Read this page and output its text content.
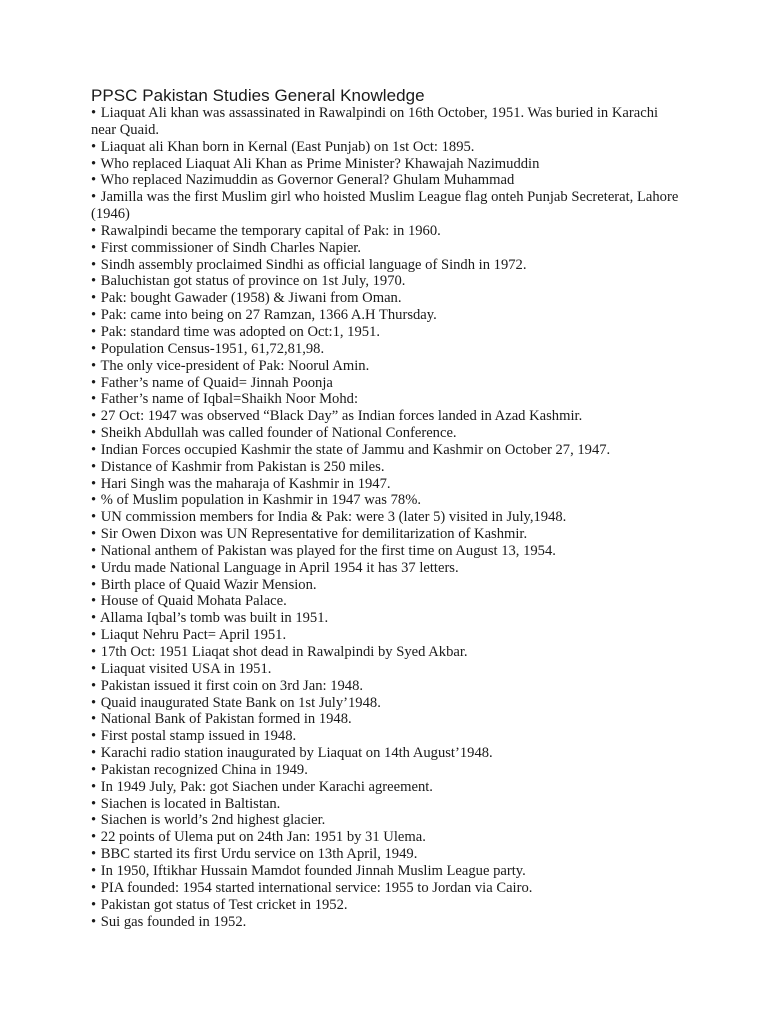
PPSC Pakistan Studies General Knowledge
• Liaquat Ali khan was assassinated in Rawalpindi on 16th October, 1951. Was buried in Karachi near Quaid.
• Liaquat ali Khan born in Kernal (East Punjab) on 1st Oct: 1895.
• Who replaced Liaquat Ali Khan as Prime Minister? Khawajah Nazimuddin
• Who replaced Nazimuddin as Governor General? Ghulam Muhammad
• Jamilla was the first Muslim girl who hoisted Muslim League flag onteh Punjab Secreterat, Lahore (1946)
• Rawalpindi became the temporary capital of Pak: in 1960.
• First commissioner of Sindh Charles Napier.
• Sindh assembly proclaimed Sindhi as official language of Sindh in 1972.
• Baluchistan got status of province on 1st July, 1970.
• Pak: bought Gawader (1958) & Jiwani from Oman.
• Pak: came into being on 27 Ramzan, 1366 A.H Thursday.
• Pak: standard time was adopted on Oct:1, 1951.
• Population Census-1951, 61,72,81,98.
• The only vice-president of Pak: Noorul Amin.
• Father’s name of Quaid= Jinnah Poonja
• Father’s name of Iqbal=Shaikh Noor Mohd:
• 27 Oct: 1947 was observed “Black Day” as Indian forces landed in Azad Kashmir.
• Sheikh Abdullah was called founder of National Conference.
• Indian Forces occupied Kashmir the state of Jammu and Kashmir on October 27, 1947.
• Distance of Kashmir from Pakistan is 250 miles.
• Hari Singh was the maharaja of Kashmir in 1947.
• % of Muslim population in Kashmir in 1947 was 78%.
• UN commission members for India & Pak: were 3 (later 5) visited in July,1948.
• Sir Owen Dixon was UN Representative for demilitarization of Kashmir.
• National anthem of Pakistan was played for the first time on August 13, 1954.
• Urdu made National Language in April 1954 it has 37 letters.
• Birth place of Quaid Wazir Mension.
• House of Quaid Mohata Palace.
• Allama Iqbal’s tomb was built in 1951.
• Liaqut Nehru Pact= April 1951.
• 17th Oct: 1951 Liaqat shot dead in Rawalpindi by Syed Akbar.
• Liaquat visited USA in 1951.
• Pakistan issued it first coin on 3rd Jan: 1948.
• Quaid inaugurated State Bank on 1st July’1948.
• National Bank of Pakistan formed in 1948.
• First postal stamp issued in 1948.
• Karachi radio station inaugurated by Liaquat on 14th August’1948.
• Pakistan recognized China in 1949.
• In 1949 July, Pak: got Siachen under Karachi agreement.
• Siachen is located in Baltistan.
• Siachen is world’s 2nd highest glacier.
• 22 points of Ulema put on 24th Jan: 1951 by 31 Ulema.
• BBC started its first Urdu service on 13th April, 1949.
• In 1950, Iftikhar Hussain Mamdot founded Jinnah Muslim League party.
• PIA founded: 1954 started international service: 1955 to Jordan via Cairo.
• Pakistan got status of Test cricket in 1952.
• Sui gas founded in 1952.
